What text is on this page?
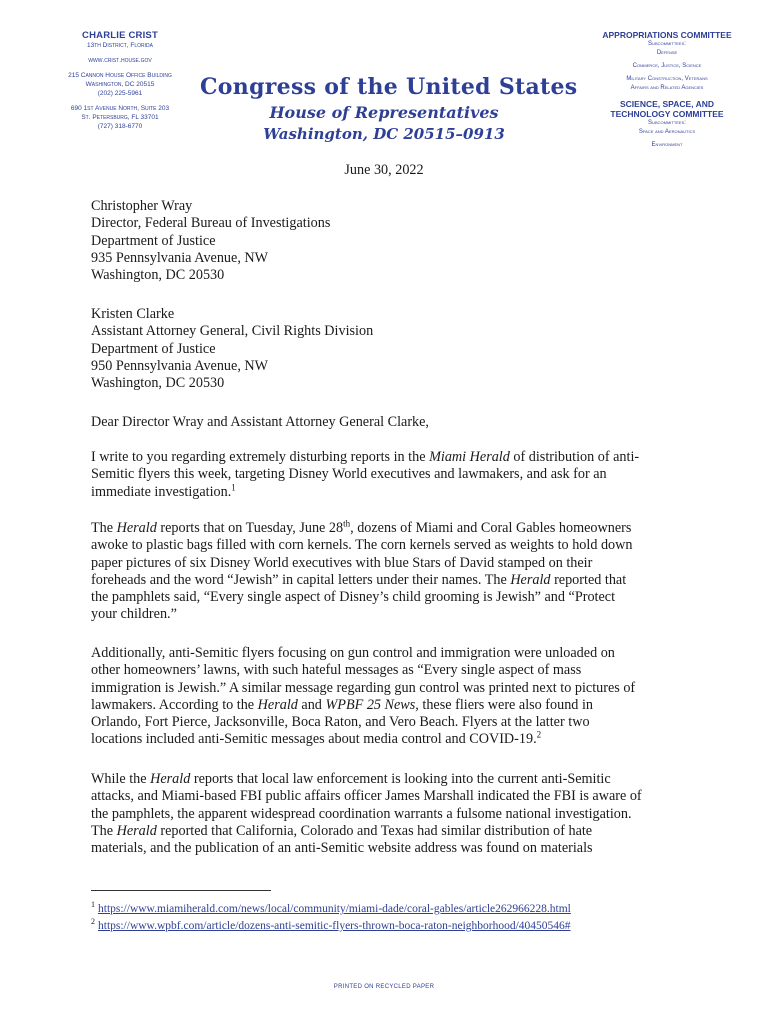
CHARLIE CRIST
13th District, Florida
www.crist.house.gov
215 Cannon House Office Building
Washington, DC 20515
(202) 225-5961
690 1st Avenue North, Suite 203
St. Petersburg, FL 33701
(727) 318-6770
Congress of the United States
House of Representatives
Washington, DC 20515–0913
APPROPRIATIONS COMMITTEE
Subcommittees:
Defense
Commerce, Justice, Science
Military Construction, Veterans
Affairs and Related Agencies
SCIENCE, SPACE, AND
TECHNOLOGY COMMITTEE
Subcommittees:
Space and Aeronautics
Environment
June 30, 2022
Christopher Wray
Director, Federal Bureau of Investigations
Department of Justice
935 Pennsylvania Avenue, NW
Washington, DC 20530
Kristen Clarke
Assistant Attorney General, Civil Rights Division
Department of Justice
950 Pennsylvania Avenue, NW
Washington, DC 20530
Dear Director Wray and Assistant Attorney General Clarke,
I write to you regarding extremely disturbing reports in the Miami Herald of distribution of anti-
Semitic flyers this week, targeting Disney World executives and lawmakers, and ask for an
immediate investigation.$^1$
The Herald reports that on Tuesday, June 28th, dozens of Miami and Coral Gables homeowners
awoke to plastic bags filled with corn kernels. The corn kernels served as weights to hold down
paper pictures of six Disney World executives with blue Stars of David stamped on their
foreheads and the word “Jewish” in capital letters under their names. The Herald reported that
the pamphlets said, “Every single aspect of Disney’s child grooming is Jewish” and “Protect
your children.”
Additionally, anti-Semitic flyers focusing on gun control and immigration were unloaded on
other homeowners’ lawns, with such hateful messages as “Every single aspect of mass
immigration is Jewish.” A similar message regarding gun control was printed next to pictures of
lawmakers. According to the Herald and WPBF 25 News, these fliers were also found in
Orlando, Fort Pierce, Jacksonville, Boca Raton, and Vero Beach. Flyers at the latter two
locations included anti-Semitic messages about media control and COVID-19.$^2$
While the Herald reports that local law enforcement is looking into the current anti-Semitic
attacks, and Miami-based FBI public affairs officer James Marshall indicated the FBI is aware of
the pamphlets, the apparent widespread coordination warrants a fulsome national investigation.
The Herald reported that California, Colorado and Texas had similar distribution of hate
materials, and the publication of an anti-Semitic website address was found on materials
$^1$ https://www.miamiherald.com/news/local/community/miami-dade/coral-gables/article262966228.html
$^2$ https://www.wpbf.com/article/dozens-anti-semitic-flyers-thrown-boca-raton-neighborhood/40450546#
PRINTED ON RECYCLED PAPER
